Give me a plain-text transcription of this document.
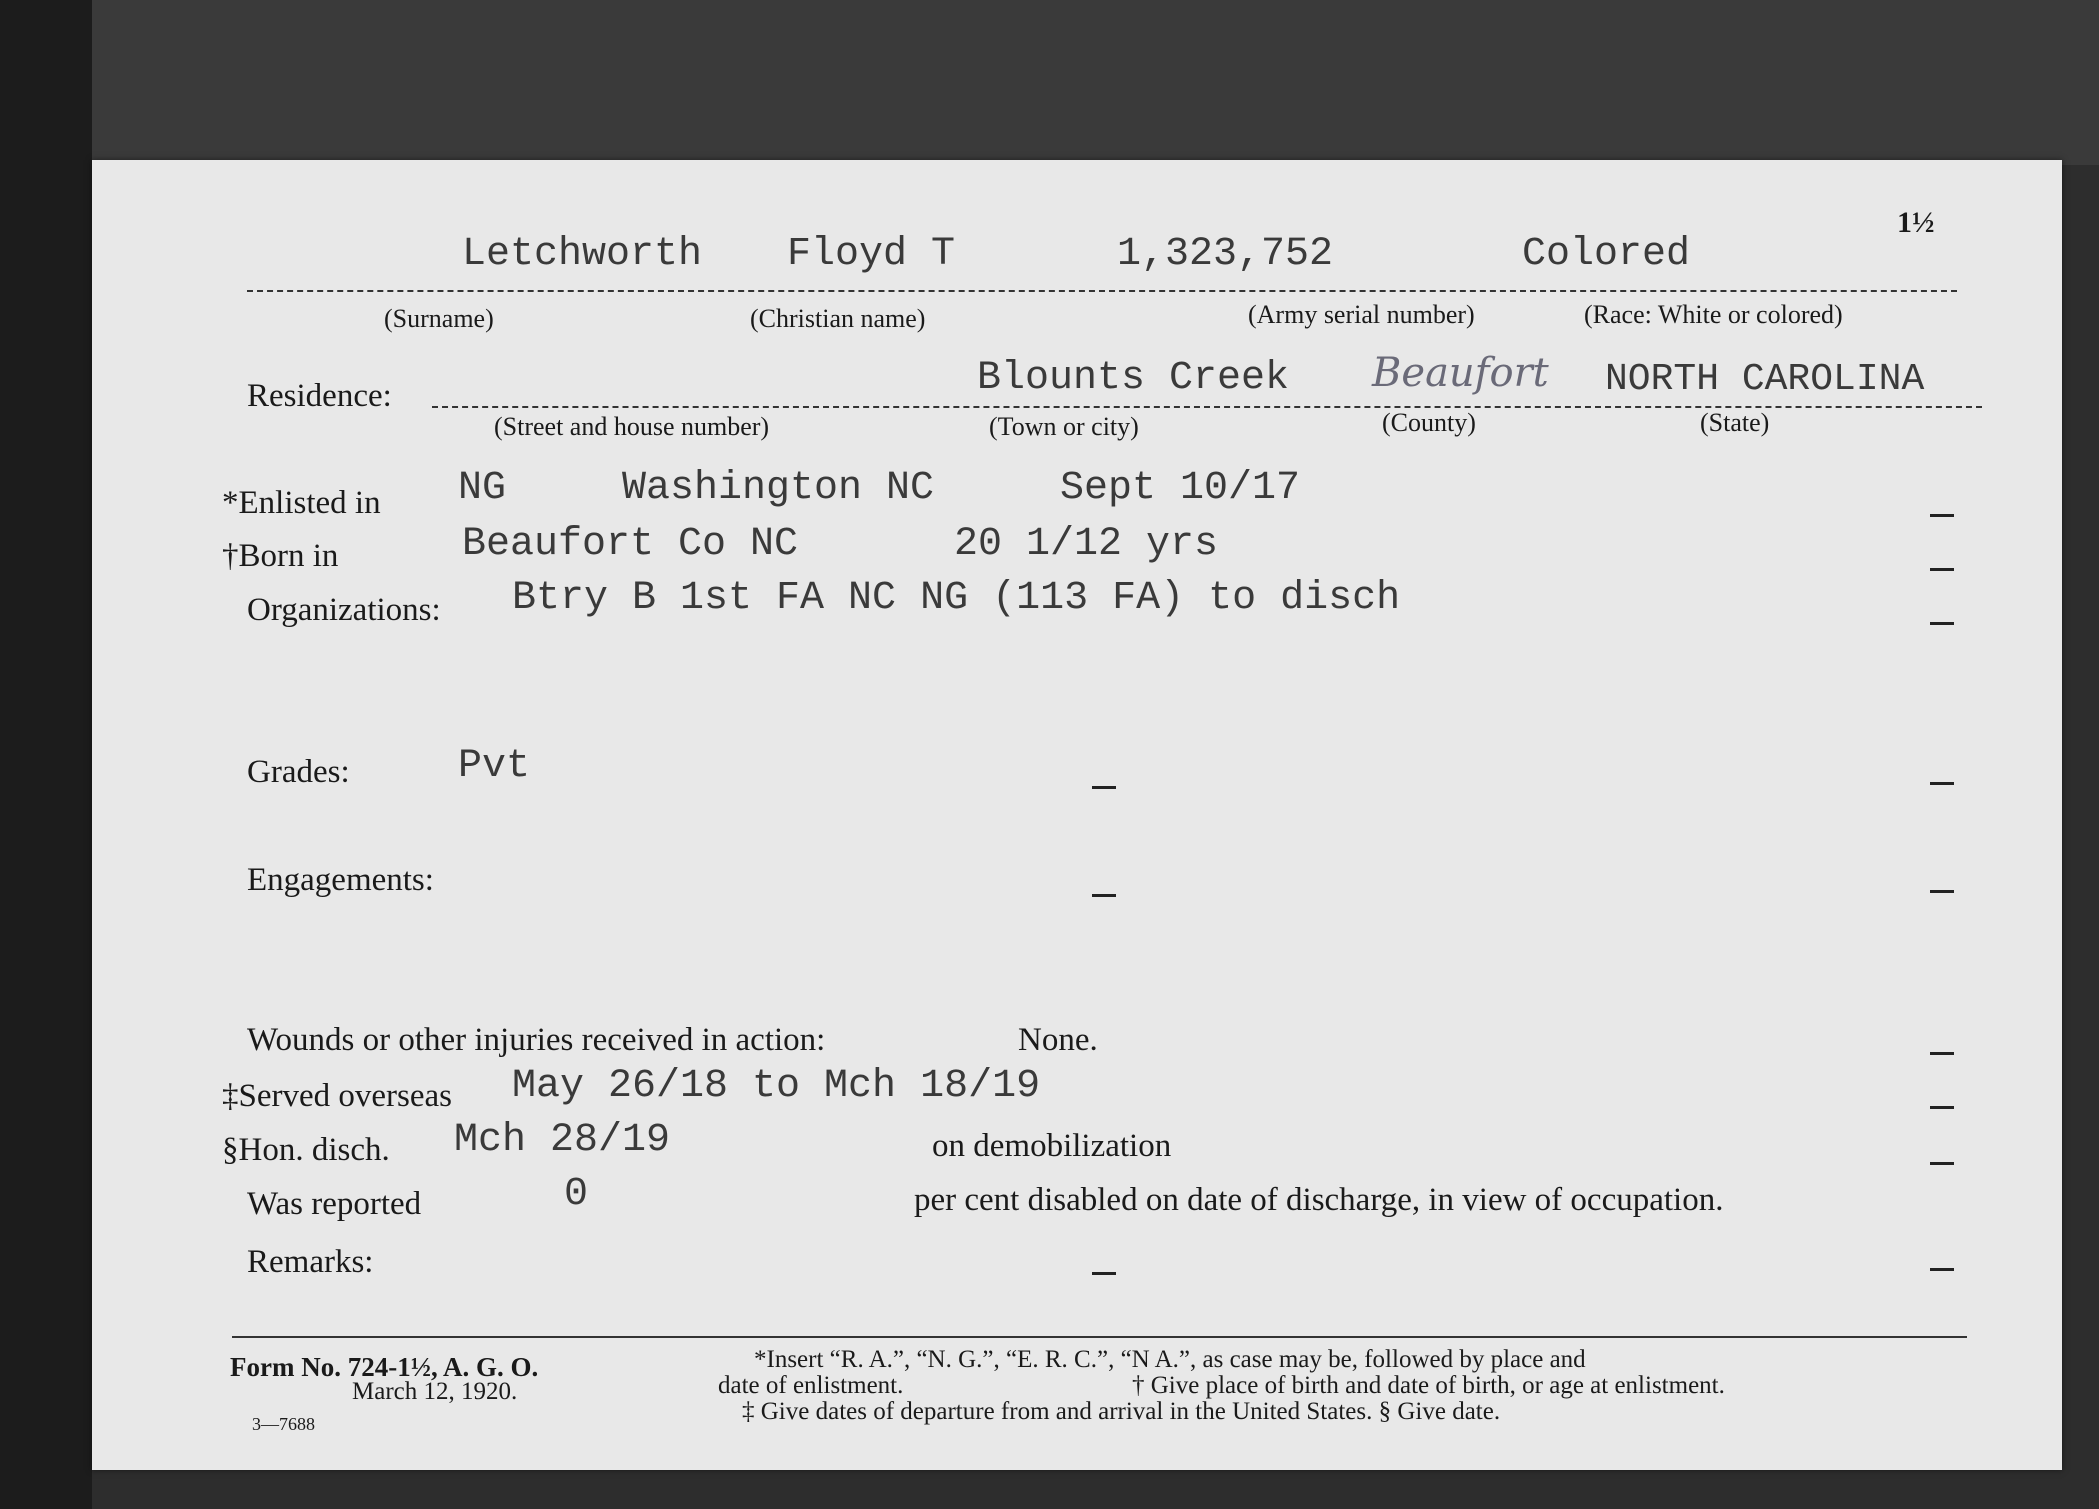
1½
Letchworth Floyd T	1,323,752	Colored
(Surname)	(Christian name)	(Army serial number)	(Race: White or colored)
Residence:	Blounts Creek Beaufort NORTH CAROLINA
(Street and house number)	(Town or city)	(County)	(State)
*Enlisted in NG	Washington NC	Sept 10/17
†Born in	Beaufort Co NC	20 1/12 yrs
Organizations: Btry B 1st FA NC NG (113 FA) to disch
Grades:	Pvt
Engagements:
Wounds or other injuries received in action:	None.
‡Served overseas May 26/18 to Mch 18/19
§Hon. disch. Mch 28/19	on demobilization
Was reported	0	per cent disabled on date of discharge, in view of occupation.
Remarks:
Form No. 724-1½, A. G. O.
March 12, 1920.
3—7688
*Insert “R. A.”, “N. G.”, “E. R. C.”, “N A.”, as case may be, followed by place and
date of enlistment.	† Give place of birth and date of birth, or age at enlistment.
‡ Give dates of departure from and arrival in the United States. § Give date.
